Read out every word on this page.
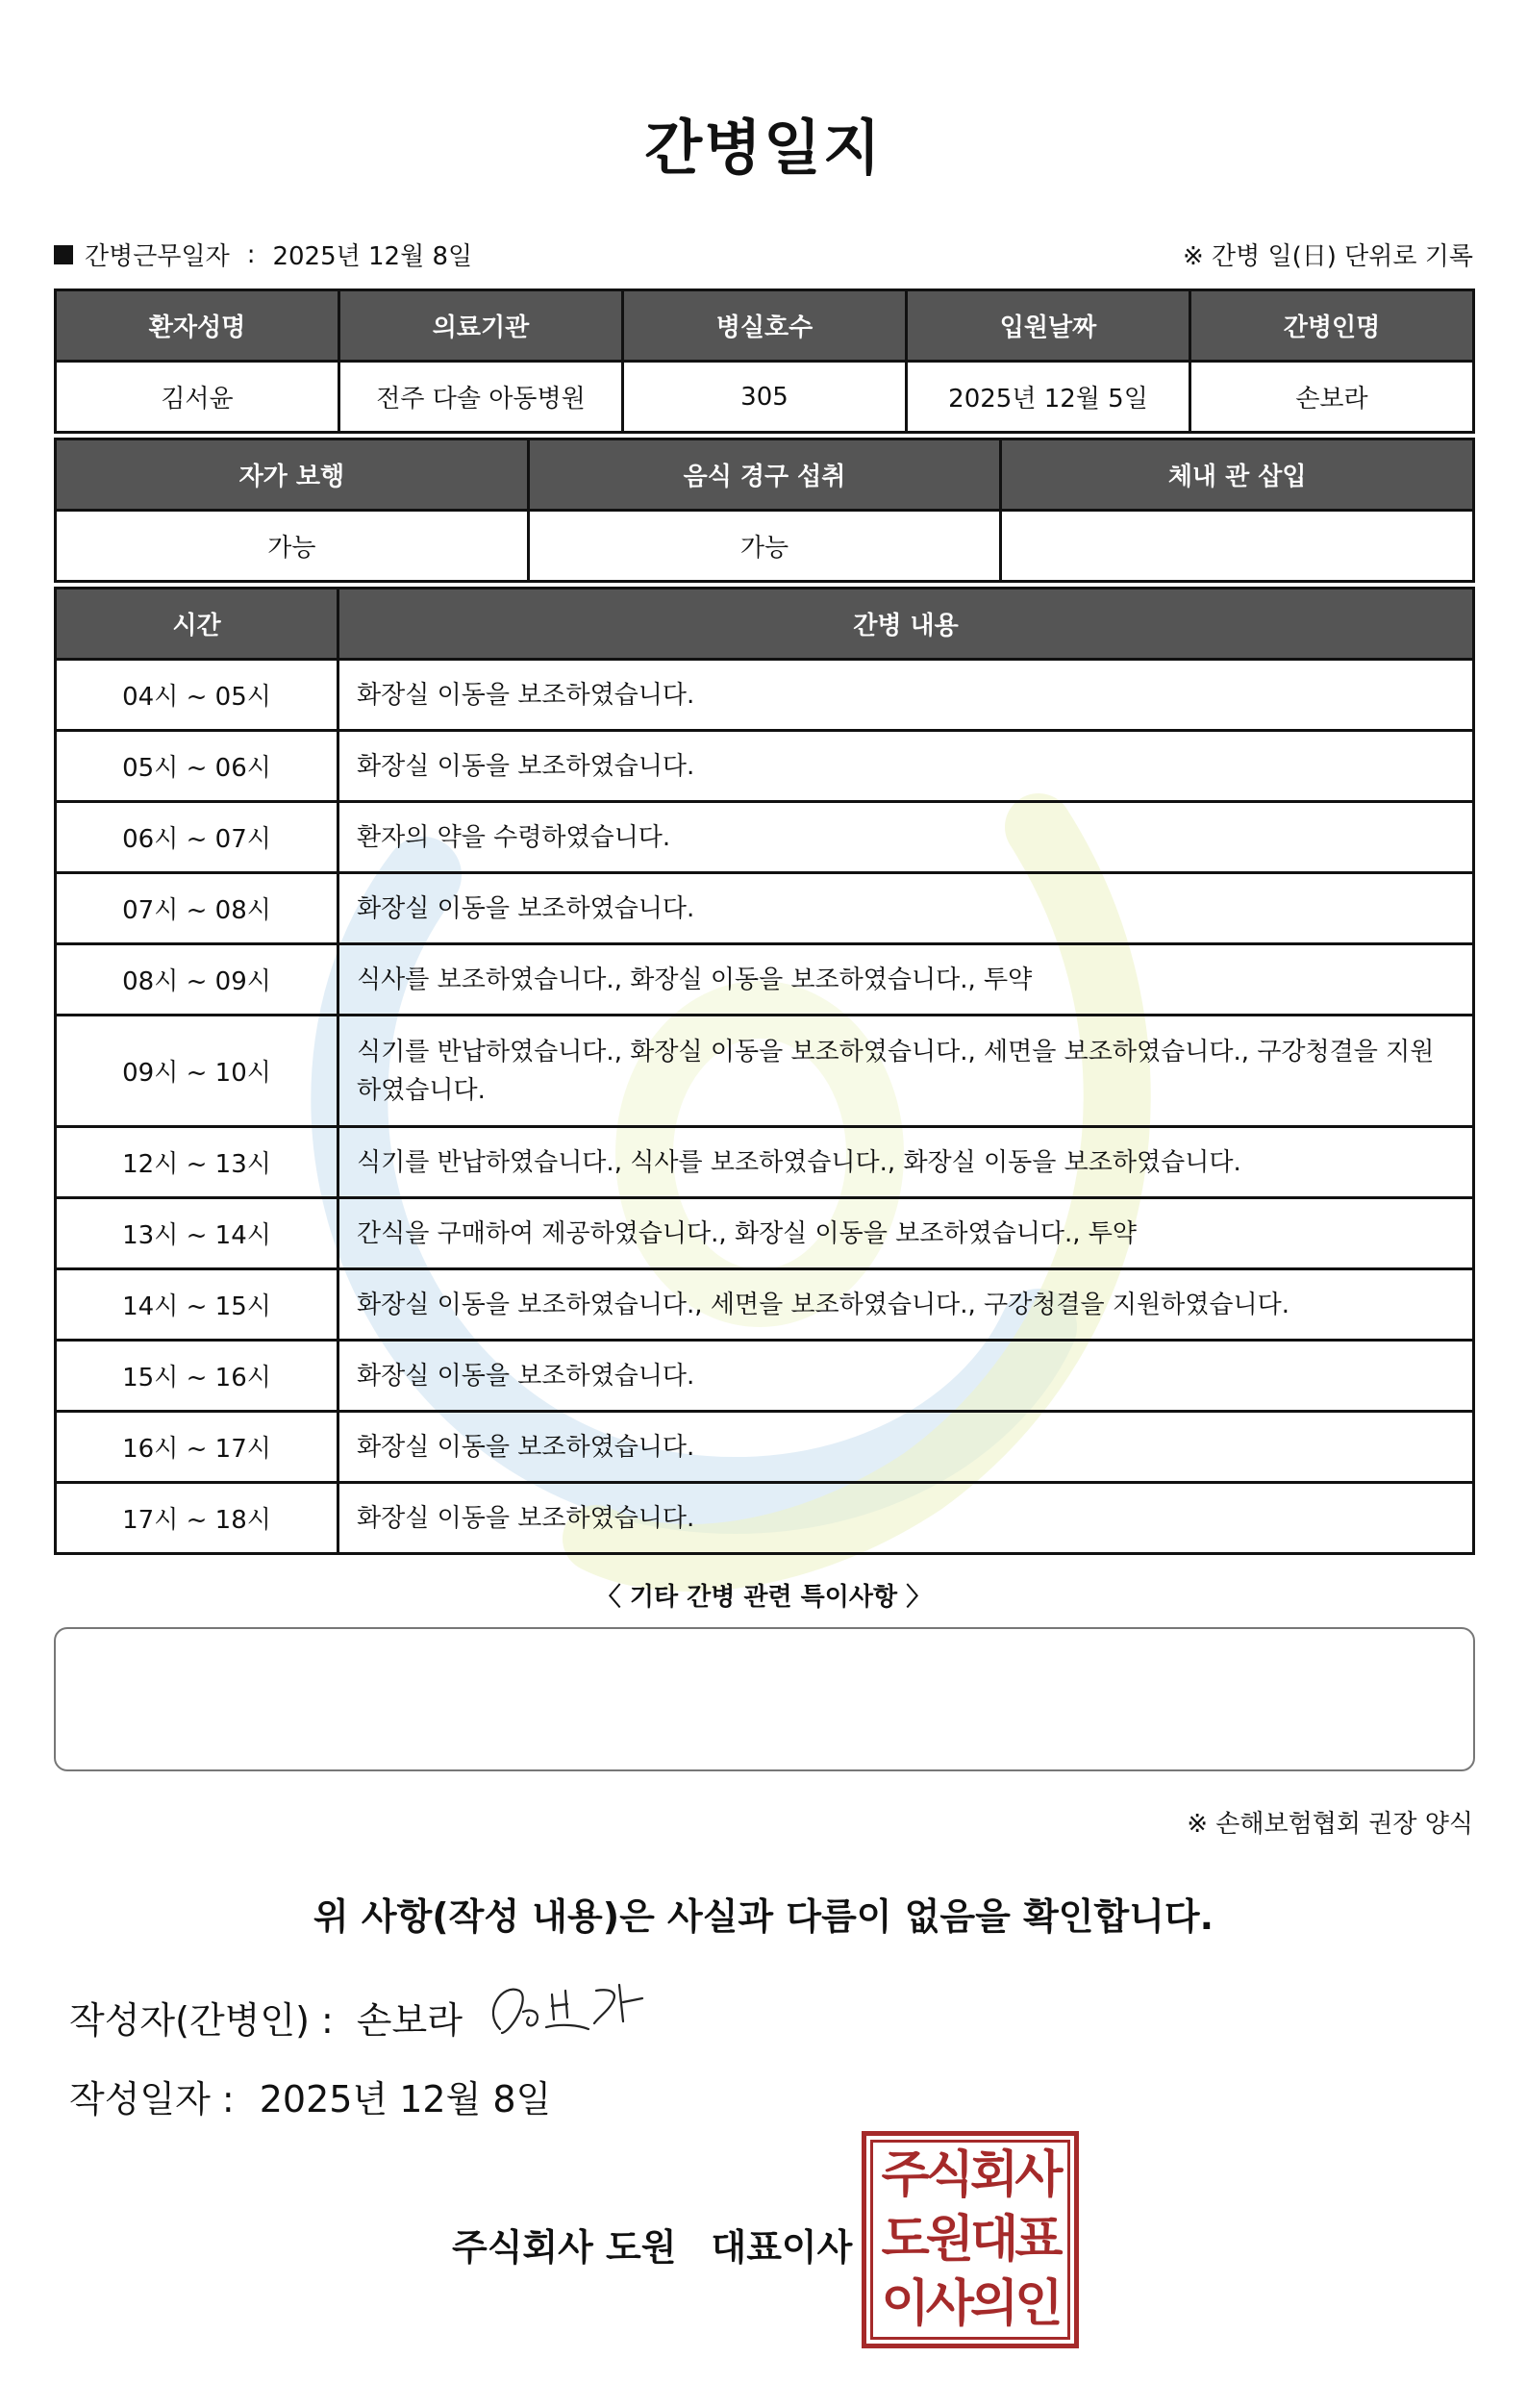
간병일지
간병근무일자 : 2025년 12월 8일	※ 간병 일(日) 단위로 기록
환자성명	의료기관	병실호수	입원날짜	간병인명
김서윤	전주 다솔 아동병원	305	2025년 12월 5일	손보라
자가 보행	음식 경구 섭취	체내 관 삽입
가능	가능	
시간	간병 내용
04시 ~ 05시	화장실 이동을 보조하였습니다.
05시 ~ 06시	화장실 이동을 보조하였습니다.
06시 ~ 07시	환자의 약을 수령하였습니다.
07시 ~ 08시	화장실 이동을 보조하였습니다.
08시 ~ 09시	식사를 보조하였습니다., 화장실 이동을 보조하였습니다., 투약
09시 ~ 10시	식기를 반납하였습니다., 화장실 이동을 보조하였습니다., 세면을 보조하였습니다., 구강청결을 지원하였습니다.
12시 ~ 13시	식기를 반납하였습니다., 식사를 보조하였습니다., 화장실 이동을 보조하였습니다.
13시 ~ 14시	간식을 구매하여 제공하였습니다., 화장실 이동을 보조하였습니다., 투약
14시 ~ 15시	화장실 이동을 보조하였습니다., 세면을 보조하였습니다., 구강청결을 지원하였습니다.
15시 ~ 16시	화장실 이동을 보조하였습니다.
16시 ~ 17시	화장실 이동을 보조하였습니다.
17시 ~ 18시	화장실 이동을 보조하였습니다.
〈 기타 간병 관련 특이사항 〉
※ 손해보험협회 권장 양식
위 사항(작성 내용)은 사실과 다름이 없음을 확인합니다.
작성자(간병인) : 손보라
작성일자 : 2025년 12월 8일
주식회사 도원 대표이사
주식회사
도원대표
이사의인
